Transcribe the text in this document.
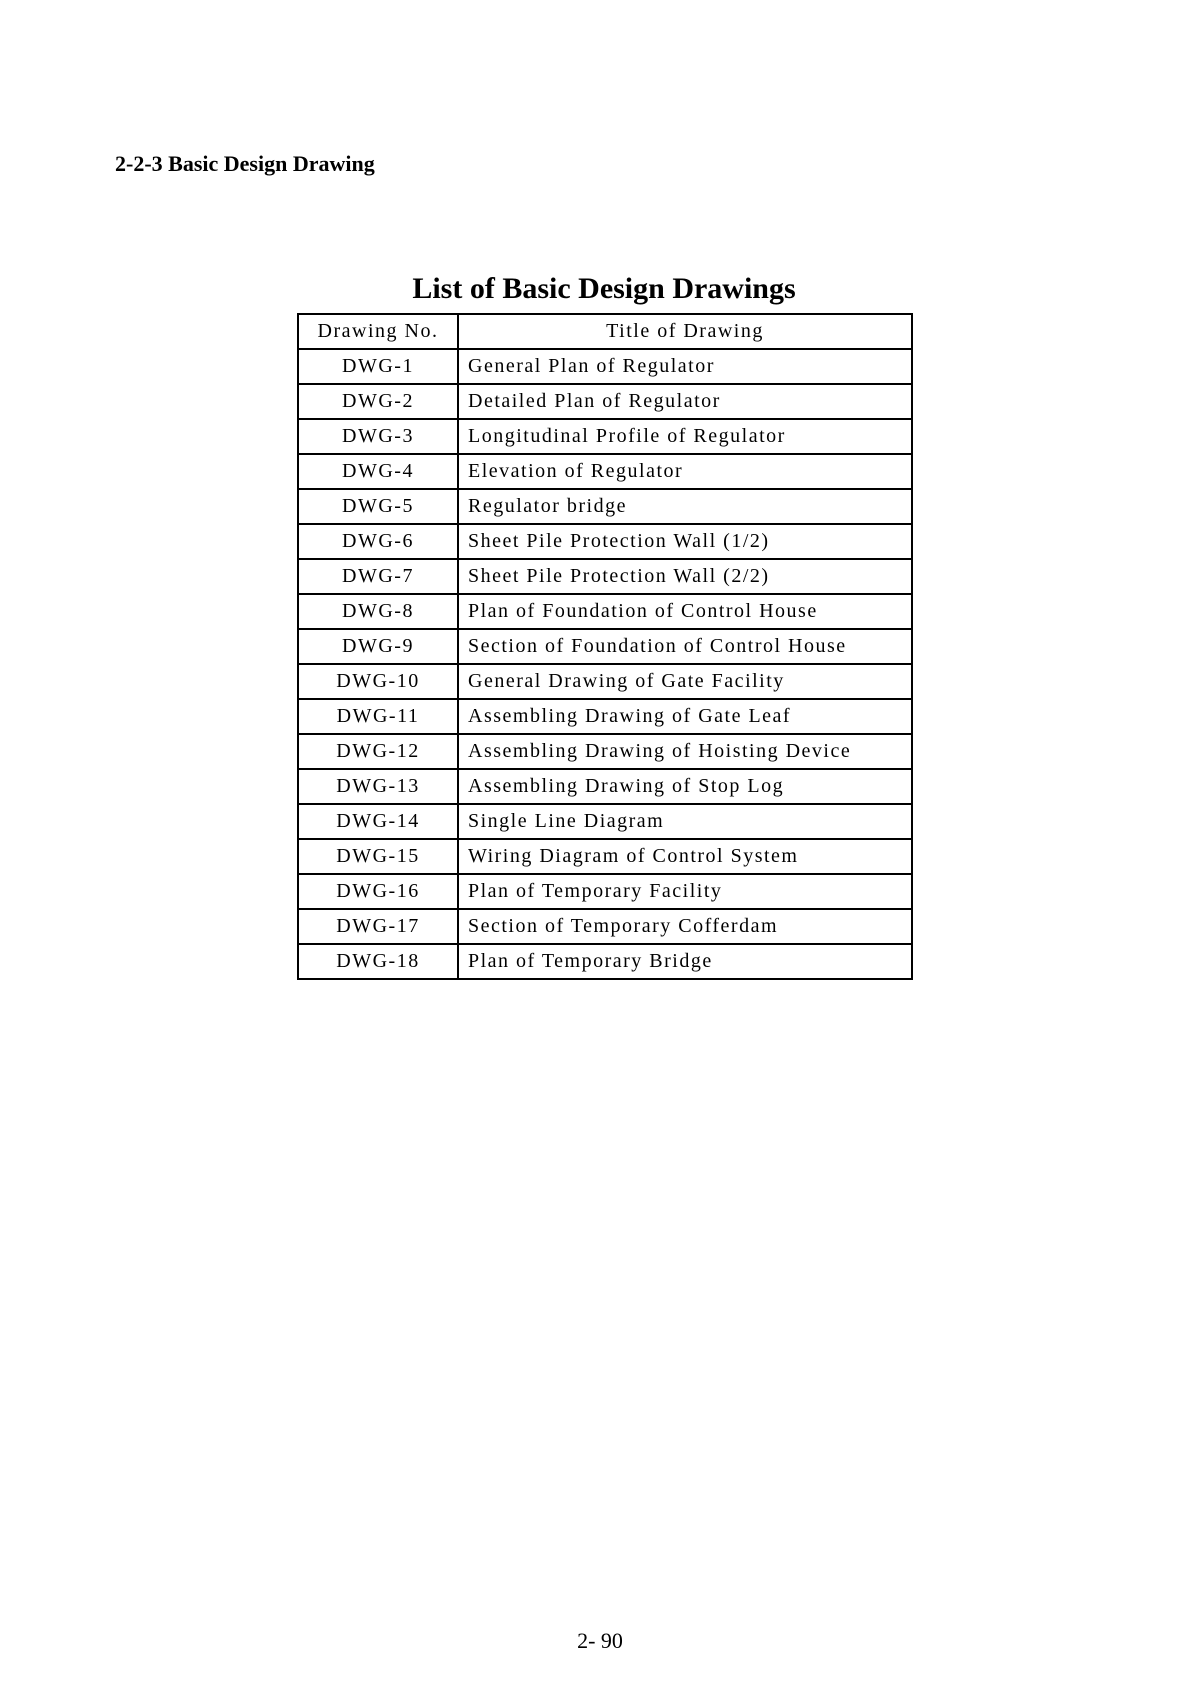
2-2-3 Basic Design Drawing
List of Basic Design Drawings
Drawing No.	Title of Drawing
DWG-1	General Plan of Regulator
DWG-2	Detailed Plan of Regulator
DWG-3	Longitudinal Profile of Regulator
DWG-4	Elevation of Regulator
DWG-5	Regulator bridge
DWG-6	Sheet Pile Protection Wall (1/2)
DWG-7	Sheet Pile Protection Wall (2/2)
DWG-8	Plan of Foundation of Control House
DWG-9	Section of Foundation of Control House
DWG-10	General Drawing of Gate Facility
DWG-11	Assembling Drawing of Gate Leaf
DWG-12	Assembling Drawing of Hoisting Device
DWG-13	Assembling Drawing of Stop Log
DWG-14	Single Line Diagram
DWG-15	Wiring Diagram of Control System
DWG-16	Plan of Temporary Facility
DWG-17	Section of Temporary Cofferdam
DWG-18	Plan of Temporary Bridge
2- 90
